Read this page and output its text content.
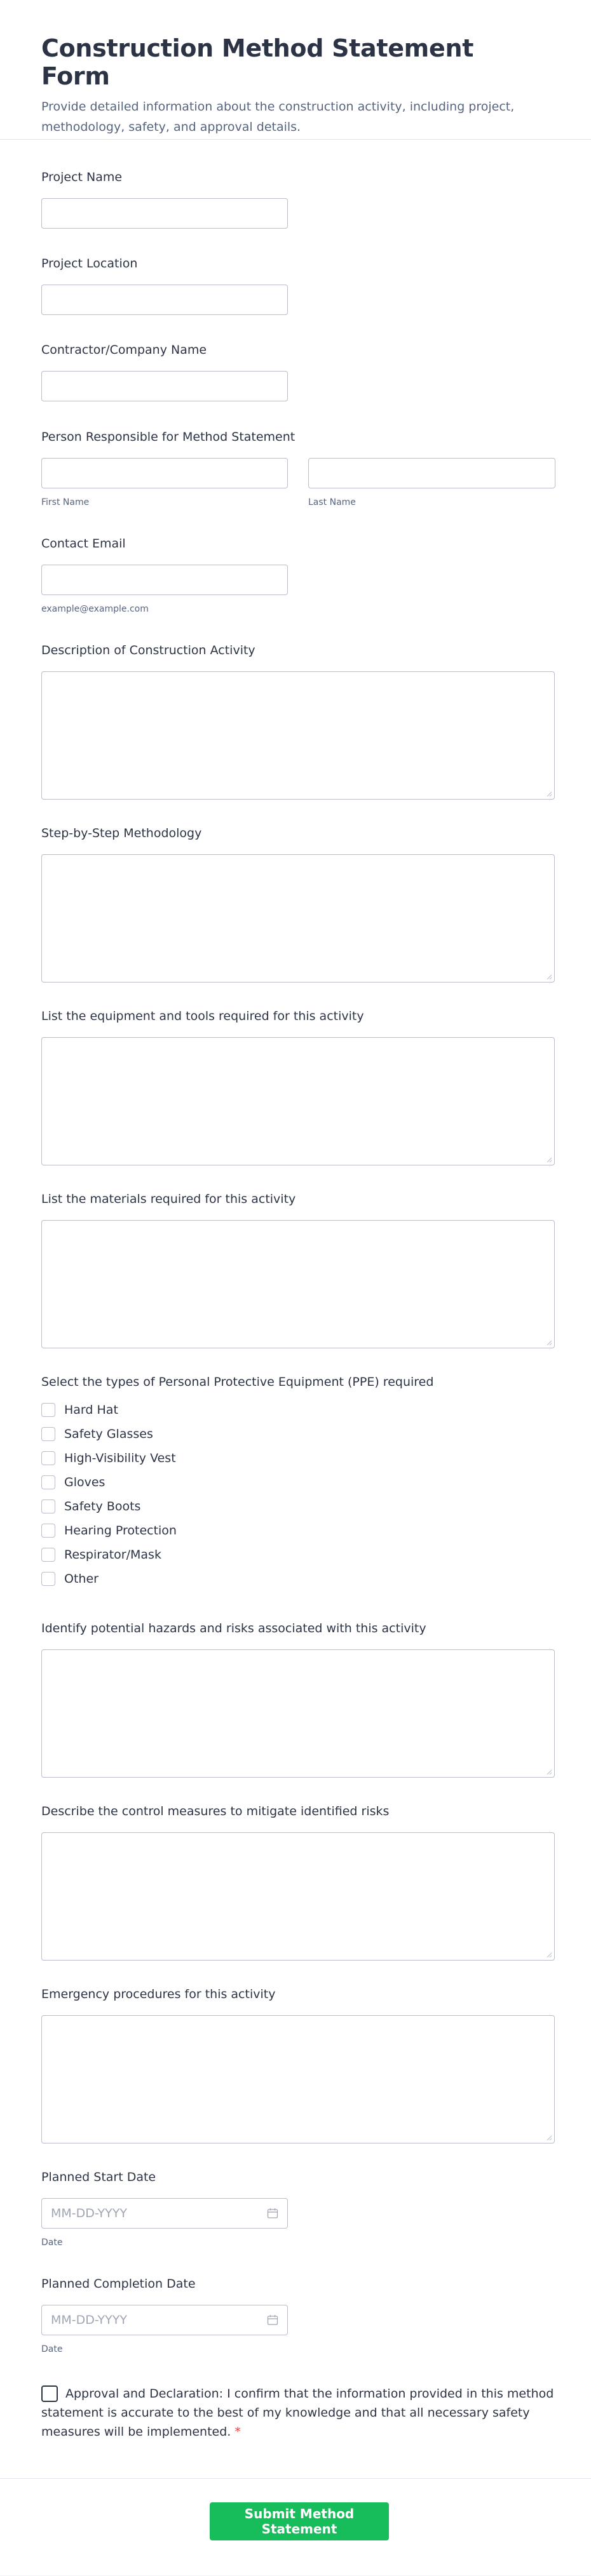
Construction Method Statement Form

Provide detailed information about the construction activity, including project, methodology, safety, and approval details.

Project Name
Project Location
Contractor/Company Name
Person Responsible for Method Statement
First Name	Last Name
Contact Email
example@example.com
Description of Construction Activity
Step-by-Step Methodology
List the equipment and tools required for this activity
List the materials required for this activity
Select the types of Personal Protective Equipment (PPE) required
Hard Hat
Safety Glasses
High-Visibility Vest
Gloves
Safety Boots
Hearing Protection
Respirator/Mask
Other
Identify potential hazards and risks associated with this activity
Describe the control measures to mitigate identified risks
Emergency procedures for this activity
Planned Start Date
MM-DD-YYYY
Date
Planned Completion Date
MM-DD-YYYY
Date

Approval and Declaration: I confirm that the information provided in this method statement is accurate to the best of my knowledge and that all necessary safety measures will be implemented. *

Submit Method Statement
